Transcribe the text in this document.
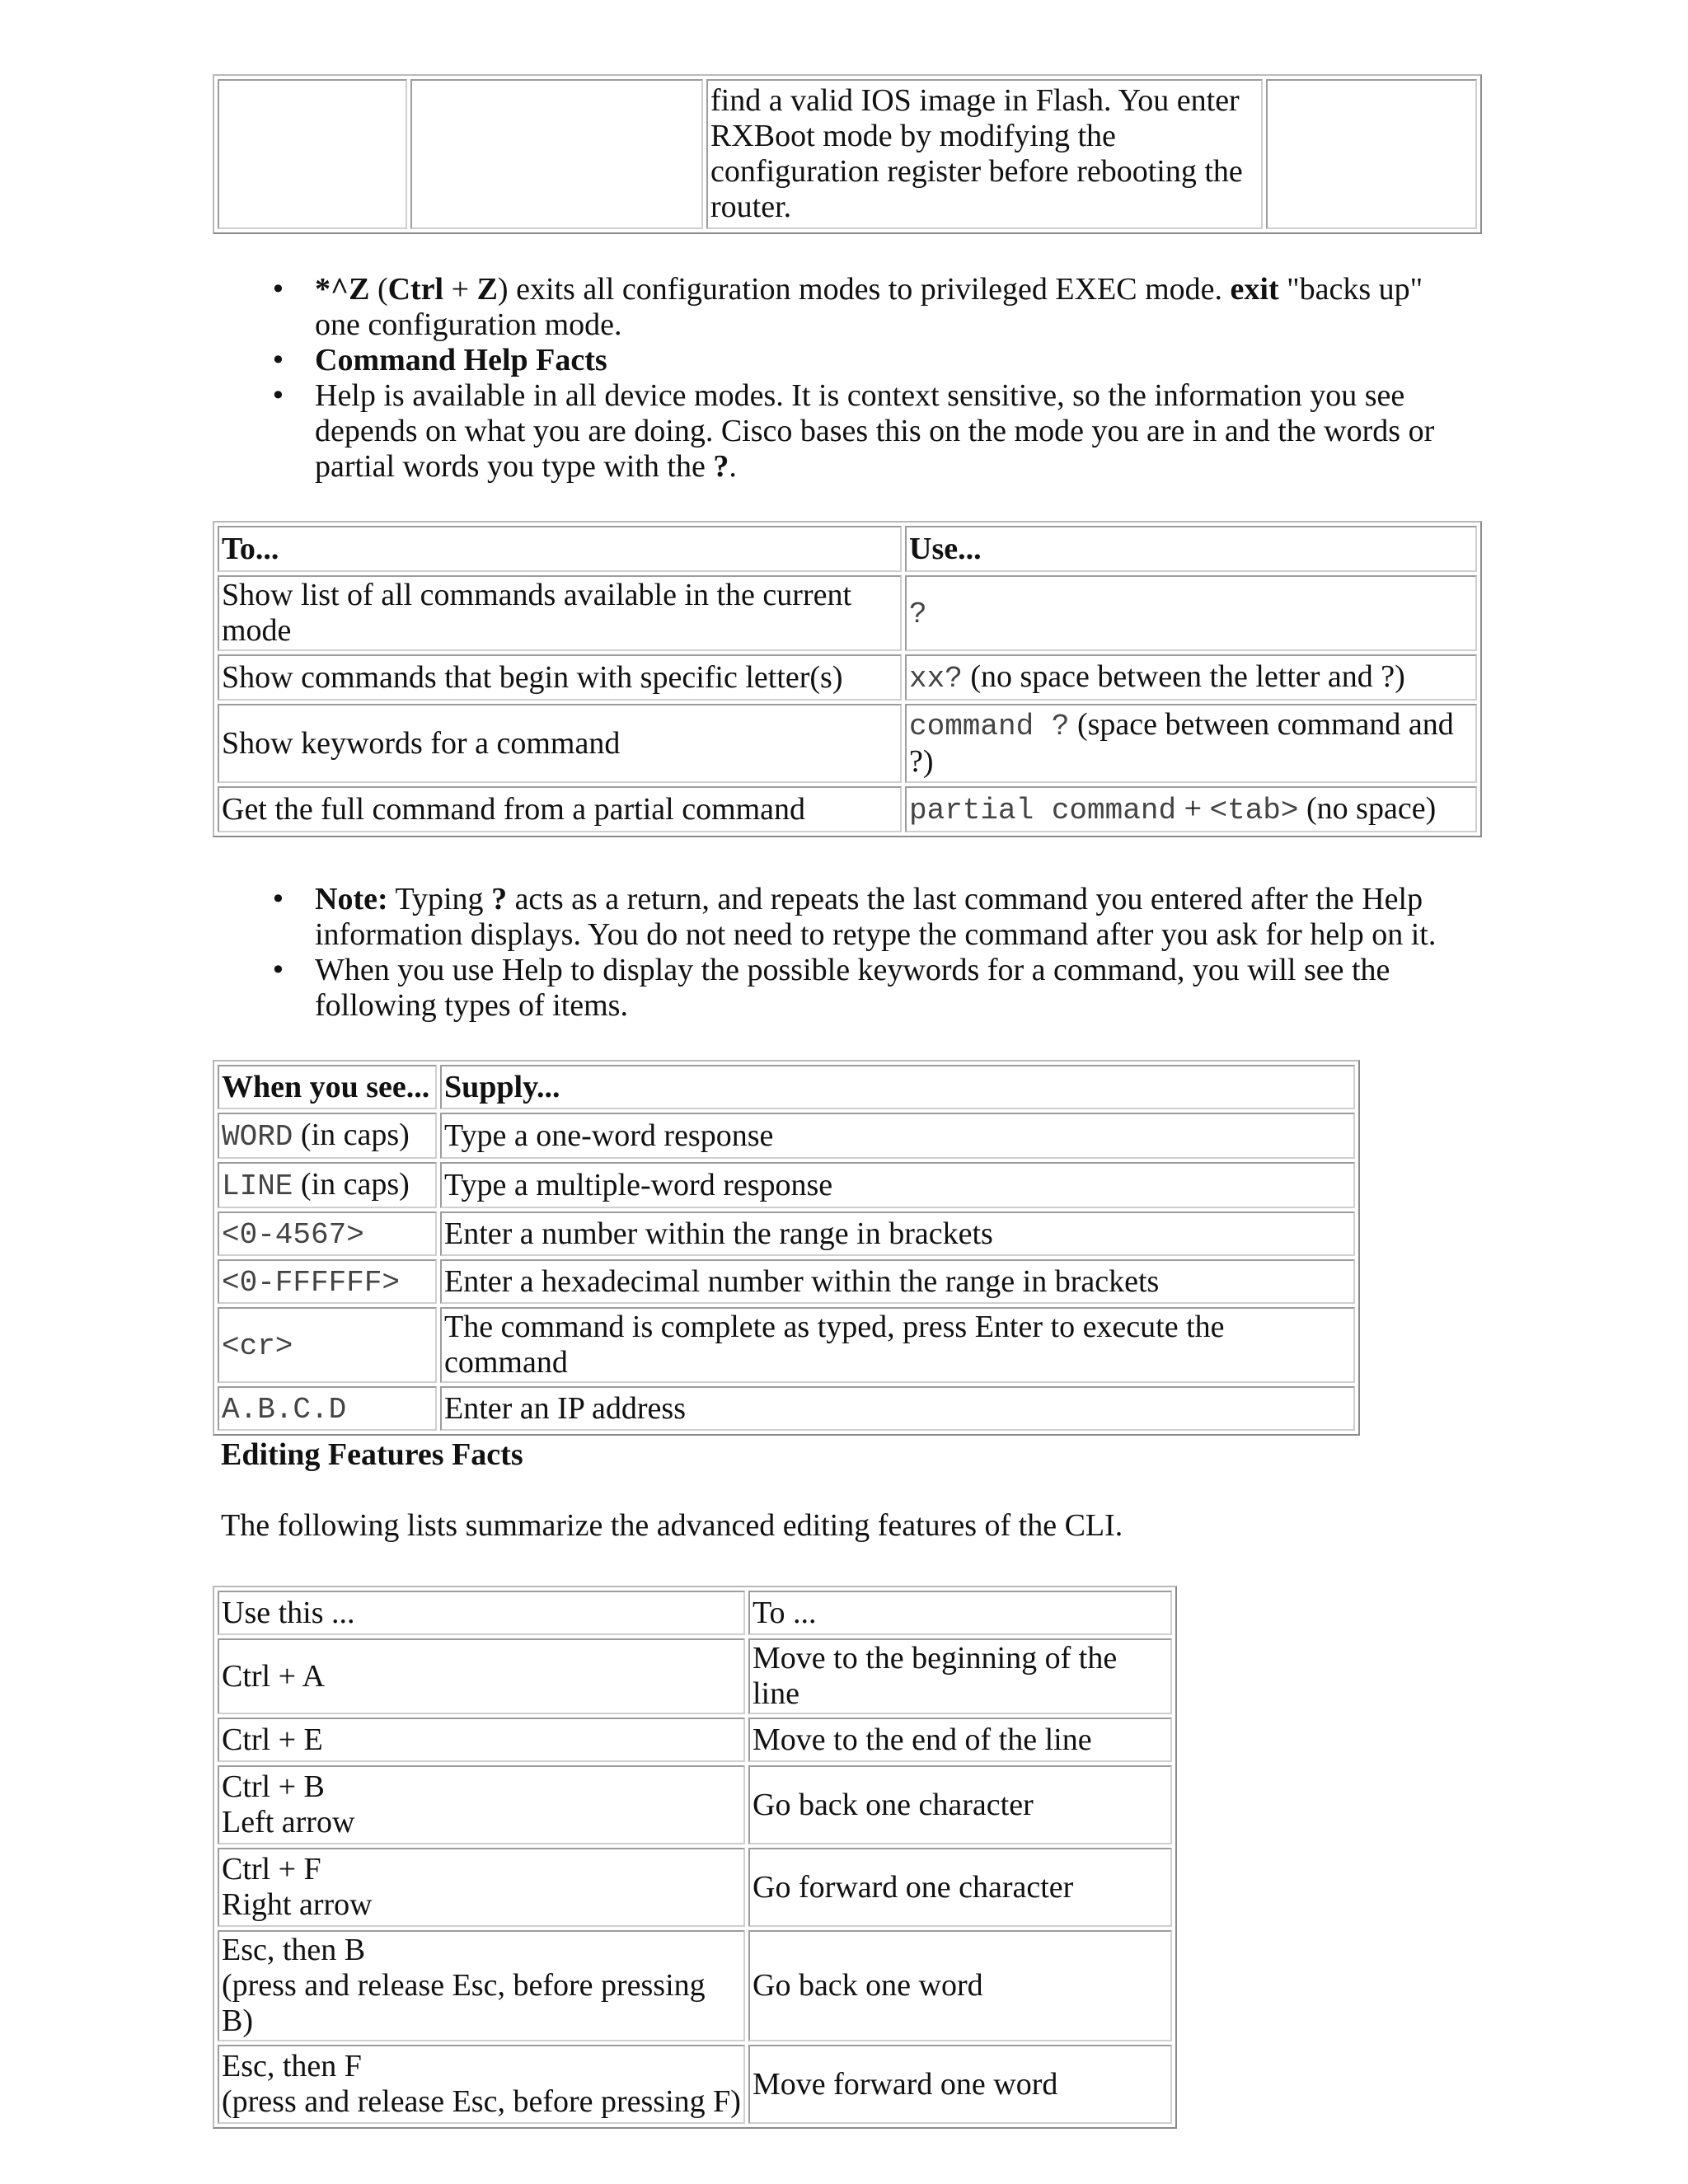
		find a valid IOS image in Flash. You enter RXBoot mode by modifying the configuration register before rebooting the router.	
• *^Z (Ctrl + Z) exits all configuration modes to privileged EXEC mode. exit "backs up" one configuration mode.
• Command Help Facts
• Help is available in all device modes. It is context sensitive, so the information you see depends on what you are doing. Cisco bases this on the mode you are in and the words or partial words you type with the ?.
To...	Use...
Show list of all commands available in the current mode	?
Show commands that begin with specific letter(s)	xx? (no space between the letter and ?)
Show keywords for a command	command ? (space between command and ?)
Get the full command from a partial command	partial command + <tab> (no space)
• Note: Typing ? acts as a return, and repeats the last command you entered after the Help information displays. You do not need to retype the command after you ask for help on it.
• When you use Help to display the possible keywords for a command, you will see the following types of items.
When you see...	Supply...
WORD (in caps)	Type a one-word response
LINE (in caps)	Type a multiple-word response
<0-4567>	Enter a number within the range in brackets
<0-FFFFFF>	Enter a hexadecimal number within the range in brackets
<cr>	The command is complete as typed, press Enter to execute the command
A.B.C.D	Enter an IP address

Editing Features Facts

The following lists summarize the advanced editing features of the CLI.

Use this ...	To ...
Ctrl + A	Move to the beginning of the line
Ctrl + E	Move to the end of the line

Ctrl + B
Left arrow	Go back one character

Ctrl + F
Right arrow	Go forward one character

Esc, then B
(press and release Esc, before pressing B)	Go back one word

Esc, then F
(press and release Esc, before pressing F)	Move forward one word
